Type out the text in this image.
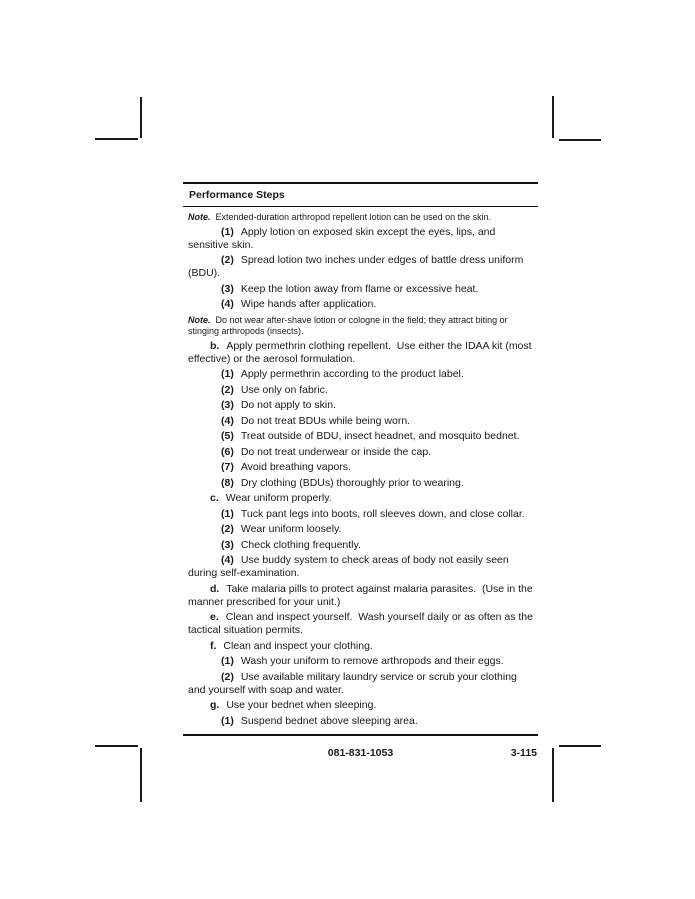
Performance Steps

Note. Extended-duration arthropod repellent lotion can be used on the skin.

(1) Apply lotion on exposed skin except the eyes, lips, and sensitive skin.

(2) Spread lotion two inches under edges of battle dress uniform (BDU).

(3) Keep the lotion away from flame or excessive heat.

(4) Wipe hands after application.

Note. Do not wear after-shave lotion or cologne in the field; they attract biting or stinging arthropods (insects).

b. Apply permethrin clothing repellent.  Use either the IDAA kit (most effective) or the aerosol formulation.

(1) Apply permethrin according to the product label.

(2) Use only on fabric.

(3) Do not apply to skin.

(4) Do not treat BDUs while being worn.

(5) Treat outside of BDU, insect headnet, and mosquito bednet.

(6) Do not treat underwear or inside the cap.

(7) Avoid breathing vapors.

(8) Dry clothing (BDUs) thoroughly prior to wearing.

c. Wear uniform properly.

(1) Tuck pant legs into boots, roll sleeves down, and close collar.

(2) Wear uniform loosely.

(3) Check clothing frequently.

(4) Use buddy system to check areas of body not easily seen during self-examination.

d. Take malaria pills to protect against malaria parasites.  (Use in the manner prescribed for your unit.)

e. Clean and inspect yourself.  Wash yourself daily or as often as the tactical situation permits.

f. Clean and inspect your clothing.

(1) Wash your uniform to remove arthropods and their eggs.

(2) Use available military laundry service or scrub your clothing and yourself with soap and water.

g. Use your bednet when sleeping.

(1) Suspend bednet above sleeping area.

081-831-1053	3-115
